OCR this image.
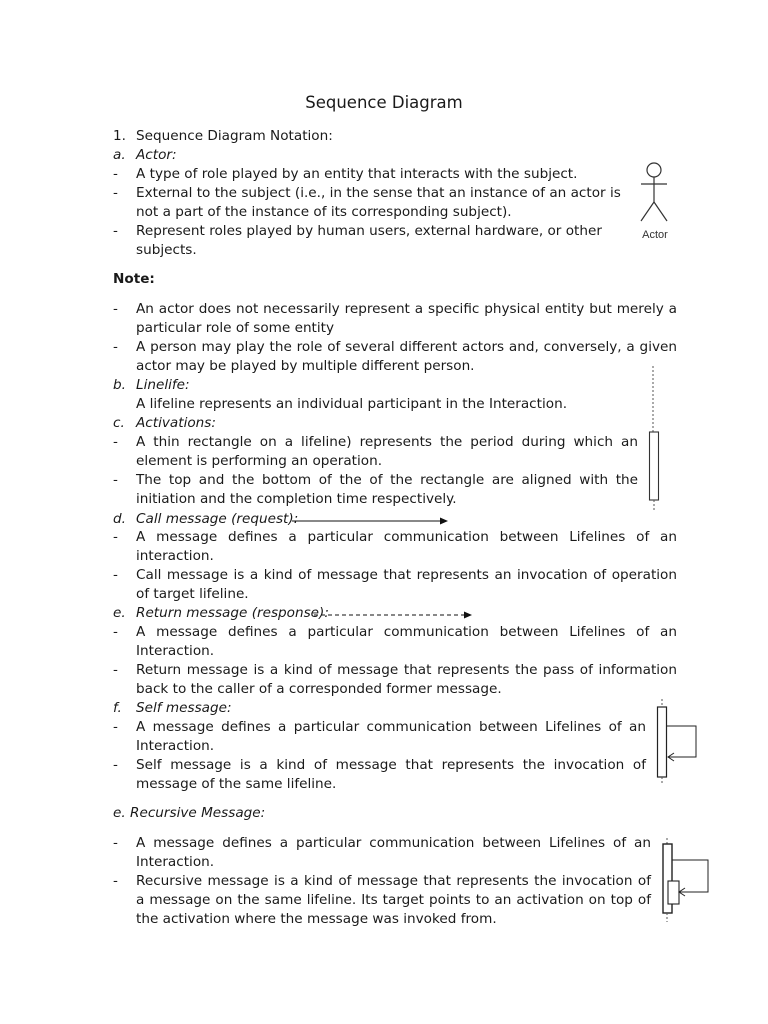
Sequence Diagram
1. Sequence Diagram Notation:
a. Actor:
- A type of role played by an entity that interacts with the subject.
- External to the subject (i.e., in the sense that an instance of an actor is not a part of the instance of its corresponding subject).
- Represent roles played by human users, external hardware, or other subjects.
Actor
Note:
- An actor does not necessarily represent a specific physical entity but merely a particular role of some entity
- A person may play the role of several different actors and, conversely, a given actor may be played by multiple different person.
b. Linelife:
A lifeline represents an individual participant in the Interaction.
c. Activations:
- A thin rectangle on a lifeline) represents the period during which an element is performing an operation.
- The top and the bottom of the of the rectangle are aligned with the initiation and the completion time respectively.
d. Call message (request):
- A message defines a particular communication between Lifelines of an interaction.
- Call message is a kind of message that represents an invocation of operation of target lifeline.
e. Return message (response):
- A message defines a particular communication between Lifelines of an Interaction.
- Return message is a kind of message that represents the pass of information back to the caller of a corresponded former message.
f. Self message:
- A message defines a particular communication between Lifelines of an Interaction.
- Self message is a kind of message that represents the invocation of message of the same lifeline.
e. Recursive Message:
- A message defines a particular communication between Lifelines of an Interaction.
- Recursive message is a kind of message that represents the invocation of a message on the same lifeline. Its target points to an activation on top of the activation where the message was invoked from.
